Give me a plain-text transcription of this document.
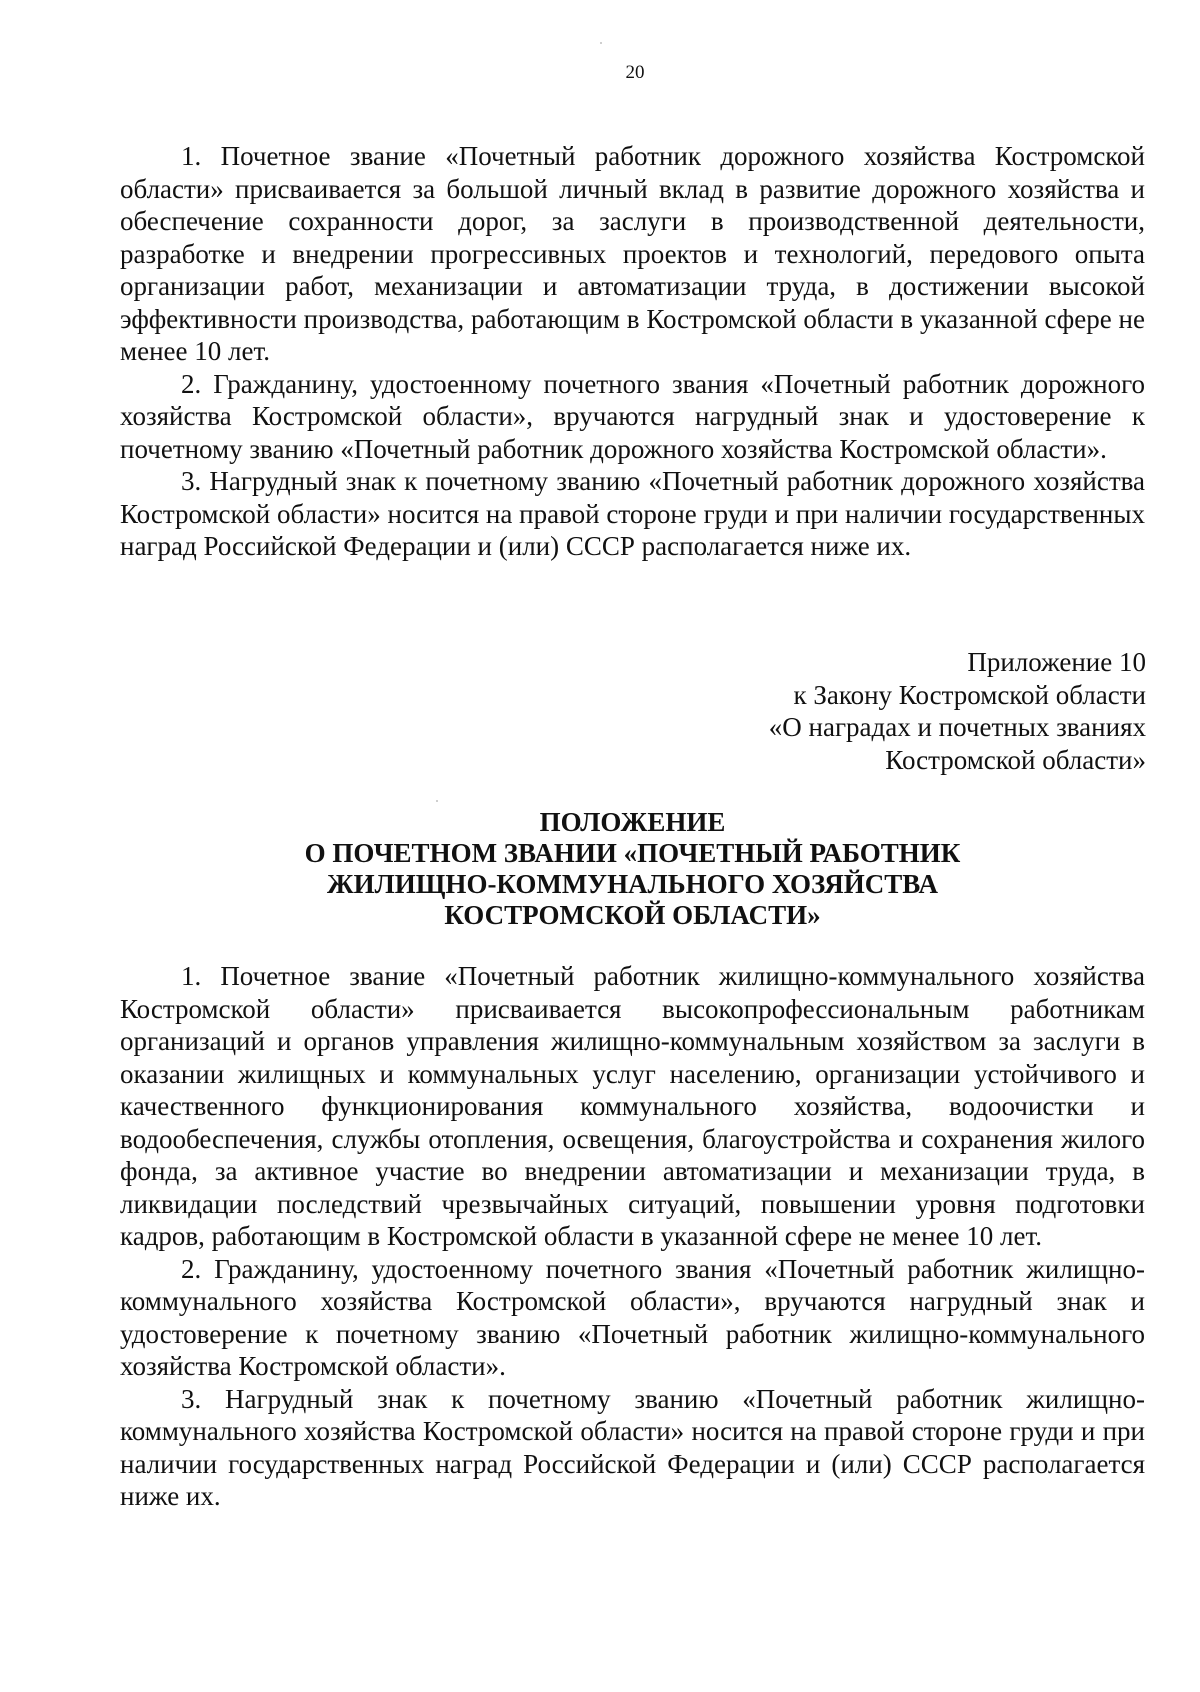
20

1. Почетное звание «Почетный работник дорожного хозяйства Костромской области» присваивается за большой личный вклад в развитие дорожного хозяйства и обеспечение сохранности дорог, за заслуги в производственной деятельности, разработке и внедрении прогрессивных проектов и технологий, передового опыта организации работ, механизации и автоматизации труда, в достижении высокой эффективности производства, работающим в Костромской области в указанной сфере не менее 10 лет.

2. Гражданину, удостоенному почетного звания «Почетный работник дорожного хозяйства Костромской области», вручаются нагрудный знак и удостоверение к почетному званию «Почетный работник дорожного хозяйства Костромской области».

3. Нагрудный знак к почетному званию «Почетный работник дорожного хозяйства Костромской области» носится на правой стороне груди и при наличии государственных наград Российской Федерации и (или) СССР располагается ниже их.

Приложение 10
к Закону Костромской области
«О наградах и почетных званиях
Костромской области»
ПОЛОЖЕНИЕ
О ПОЧЕТНОМ ЗВАНИИ «ПОЧЕТНЫЙ РАБОТНИК
ЖИЛИЩНО-КОММУНАЛЬНОГО ХОЗЯЙСТВА
КОСТРОМСКОЙ ОБЛАСТИ»

1. Почетное звание «Почетный работник жилищно-коммунального хозяйства Костромской области» присваивается высокопрофессиональным работникам организаций и органов управления жилищно-коммунальным хозяйством за заслуги в оказании жилищных и коммунальных услуг населению, организации устойчивого и качественного функционирования коммунального хозяйства, водоочистки и водообеспечения, службы отопления, освещения, благоустройства и сохранения жилого фонда, за активное участие во внедрении автоматизации и механизации труда, в ликвидации последствий чрезвычайных ситуаций, повышении уровня подготовки кадров, работающим в Костромской области в указанной сфере не менее 10 лет.

2. Гражданину, удостоенному почетного звания «Почетный работник жилищно-коммунального хозяйства Костромской области», вручаются нагрудный знак и удостоверение к почетному званию «Почетный работник жилищно-коммунального хозяйства Костромской области».

3. Нагрудный знак к почетному званию «Почетный работник жилищно-коммунального хозяйства Костромской области» носится на правой стороне груди и при наличии государственных наград Российской Федерации и (или) СССР располагается ниже их.
